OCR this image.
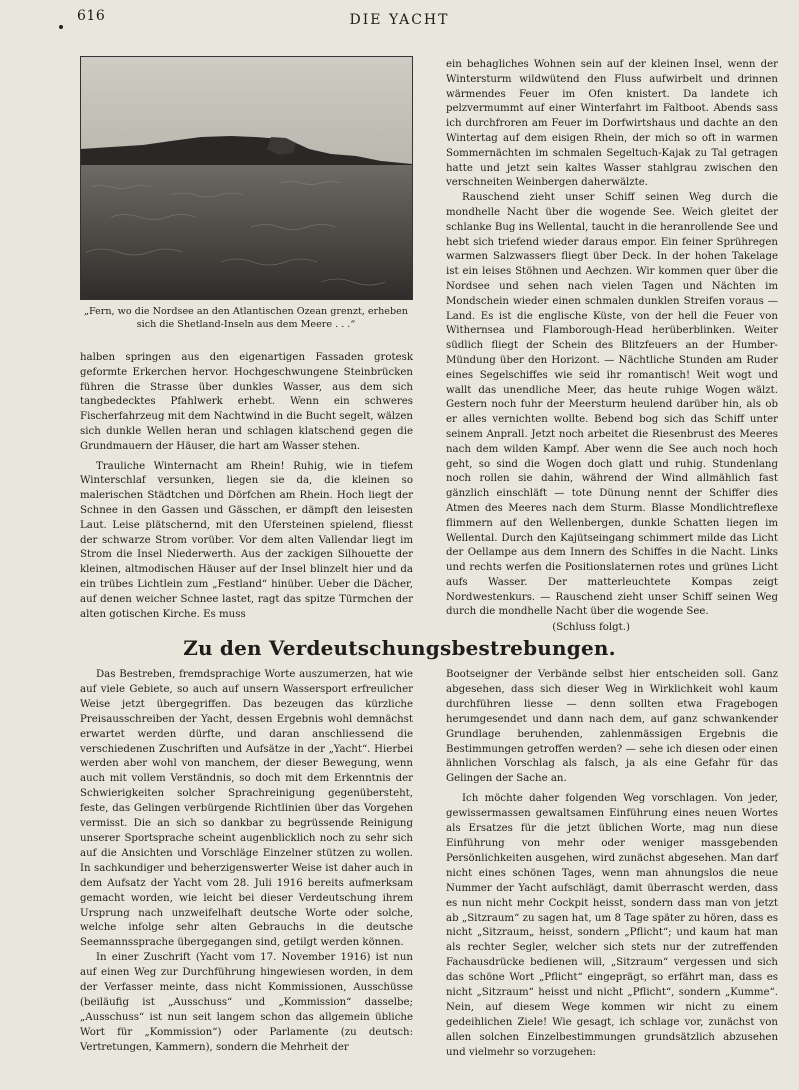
616	DIE YACHT
„Fern, wo die Nordsee an den Atlantischen Ozean grenzt, erheben
sich die Shetland-Inseln aus dem Meere . . .“

halben springen aus den eigenartigen Fassaden grotesk geformte Erkerchen hervor. Hochgeschwungene Steinbrücken führen die Strasse über dunkles Wasser, aus dem sich tangbedecktes Pfahlwerk erhebt. Wenn ein schweres Fischerfahrzeug mit dem Nachtwind in die Bucht segelt, wälzen sich dunkle Wellen heran und schlagen klatschend gegen die Grundmauern der Häuser, die hart am Wasser stehen.

Trauliche Winternacht am Rhein! Ruhig, wie in tiefem Winterschlaf versunken, liegen sie da, die kleinen so malerischen Städtchen und Dörfchen am Rhein. Hoch liegt der Schnee in den Gassen und Gässchen, er dämpft den leisesten Laut. Leise plätschernd, mit den Ufersteinen spielend, fliesst der schwarze Strom vorüber. Vor dem alten Vallendar liegt im Strom die Insel Niederwerth. Aus der zackigen Silhouette der kleinen, altmodischen Häuser auf der Insel blinzelt hier und da ein trübes Lichtlein zum „Festland“ hinüber. Ueber die Dächer, auf denen weicher Schnee lastet, ragt das spitze Türmchen der alten gotischen Kirche. Es muss

ein behagliches Wohnen sein auf der kleinen Insel, wenn der Wintersturm wildwütend den Fluss aufwirbelt und drinnen wärmendes Feuer im Ofen knistert. Da landete ich pelzvermummt auf einer Winterfahrt im Faltboot. Abends sass ich durchfroren am Feuer im Dorfwirtshaus und dachte an den Wintertag auf dem eisigen Rhein, der mich so oft in warmen Sommernächten im schmalen Segeltuch-Kajak zu Tal getragen hatte und jetzt sein kaltes Wasser stahlgrau zwischen den verschneiten Weinbergen daherwälzte.

Rauschend zieht unser Schiff seinen Weg durch die mondhelle Nacht über die wogende See. Weich gleitet der schlanke Bug ins Wellental, taucht in die heranrollende See und hebt sich triefend wieder daraus empor. Ein feiner Sprühregen warmen Salzwassers fliegt über Deck. In der hohen Takelage ist ein leises Stöhnen und Aechzen. Wir kommen quer über die Nordsee und sehen nach vielen Tagen und Nächten im Mondschein wieder einen schmalen dunklen Streifen voraus — Land. Es ist die englische Küste, von der hell die Feuer von Withernsea und Flamborough-Head herüberblinken. Weiter südlich fliegt der Schein des Blitzfeuers an der Humber-Mündung über den Horizont. — Nächtliche Stunden am Ruder eines Segelschiffes wie seid ihr romantisch! Weit wogt und wallt das unendliche Meer, das heute ruhige Wogen wälzt. Gestern noch fuhr der Meersturm heulend darüber hin, als ob er alles vernichten wollte. Bebend bog sich das Schiff unter seinem Anprall. Jetzt noch arbeitet die Riesenbrust des Meeres nach dem wilden Kampf. Aber wenn die See auch noch hoch geht, so sind die Wogen doch glatt und ruhig. Stundenlang noch rollen sie dahin, während der Wind allmählich fast gänzlich einschläft — tote Dünung nennt der Schiffer dies Atmen des Meeres nach dem Sturm. Blasse Mondlichtreflexe flimmern auf den Wellenbergen, dunkle Schatten liegen im Wellental. Durch den Kajütseingang schimmert milde das Licht der Oellampe aus dem Innern des Schiffes in die Nacht. Links und rechts werfen die Positionslaternen rotes und grünes Licht aufs Wasser. Der matterleuchtete Kompas zeigt Nordwestenkurs. — Rauschend zieht unser Schiff seinen Weg durch die mondhelle Nacht über die wogende See.

(Schluss folgt.)
Zu den Verdeutschungsbestrebungen.

Das Bestreben, fremdsprachige Worte auszumerzen, hat wie auf viele Gebiete, so auch auf unsern Wassersport erfreulicher Weise jetzt übergegriffen. Das bezeugen das kürzliche Preisausschreiben der Yacht, dessen Ergebnis wohl demnächst erwartet werden dürfte, und daran anschliessend die verschiedenen Zuschriften und Aufsätze in der „Yacht“. Hierbei werden aber wohl von manchem, der dieser Bewegung, wenn auch mit vollem Verständnis, so doch mit dem Erkenntnis der Schwierigkeiten solcher Sprachreinigung gegenübersteht, feste, das Gelingen verbürgende Richtlinien über das Vorgehen vermisst. Die an sich so dankbar zu begrüssende Reinigung unserer Sportsprache scheint augenblicklich noch zu sehr sich auf die Ansichten und Vorschläge Einzelner stützen zu wollen. In sachkundiger und beherzigenswerter Weise ist daher auch in dem Aufsatz der Yacht vom 28. Juli 1916 bereits aufmerksam gemacht worden, wie leicht bei dieser Verdeutschung ihrem Ursprung nach unzweifelhaft deutsche Worte oder solche, welche infolge sehr alten Gebrauchs in die deutsche Seemannssprache übergegangen sind, getilgt werden können.

In einer Zuschrift (Yacht vom 17. November 1916) ist nun auf einen Weg zur Durchführung hingewiesen worden, in dem der Verfasser meinte, dass nicht Kommissionen, Ausschüsse (beiläufig ist „Ausschuss“ und „Kommission“ dasselbe; „Ausschuss“ ist nun seit langem schon das allgemein übliche Wort für „Kommission“) oder Parlamente (zu deutsch: Vertretungen, Kammern), sondern die Mehrheit der

Bootseigner der Verbände selbst hier entscheiden soll. Ganz abgesehen, dass sich dieser Weg in Wirklichkeit wohl kaum durchführen liesse — denn sollten etwa Fragebogen herumgesendet und dann nach dem, auf ganz schwankender Grundlage beruhenden, zahlenmässigen Ergebnis die Bestimmungen getroffen werden? — sehe ich diesen oder einen ähnlichen Vorschlag als falsch, ja als eine Gefahr für das Gelingen der Sache an.

Ich möchte daher folgenden Weg vorschlagen. Von jeder, gewissermassen gewaltsamen Einführung eines neuen Wortes als Ersatzes für die jetzt üblichen Worte, mag nun diese Einführung von mehr oder weniger massgebenden Persönlichkeiten ausgehen, wird zunächst abgesehen. Man darf nicht eines schönen Tages, wenn man ahnungslos die neue Nummer der Yacht aufschlägt, damit überrascht werden, dass es nun nicht mehr Cockpit heisst, sondern dass man von jetzt ab „Sitzraum“ zu sagen hat, um 8 Tage später zu hören, dass es nicht „Sitzraum„ heisst, sondern „Pflicht“; und kaum hat man als rechter Segler, welcher sich stets nur der zutreffenden Fachausdrücke bedienen will, „Sitzraum“ vergessen und sich das schöne Wort „Pflicht“ eingeprägt, so erfährt man, dass es nicht „Sitzraum“ heisst und nicht „Pflicht“, sondern „Kumme“. Nein, auf diesem Wege kommen wir nicht zu einem gedeihlichen Ziele! Wie gesagt, ich schlage vor, zunächst von allen solchen Einzelbestimmungen grundsätzlich abzusehen und vielmehr so vorzugehen:
